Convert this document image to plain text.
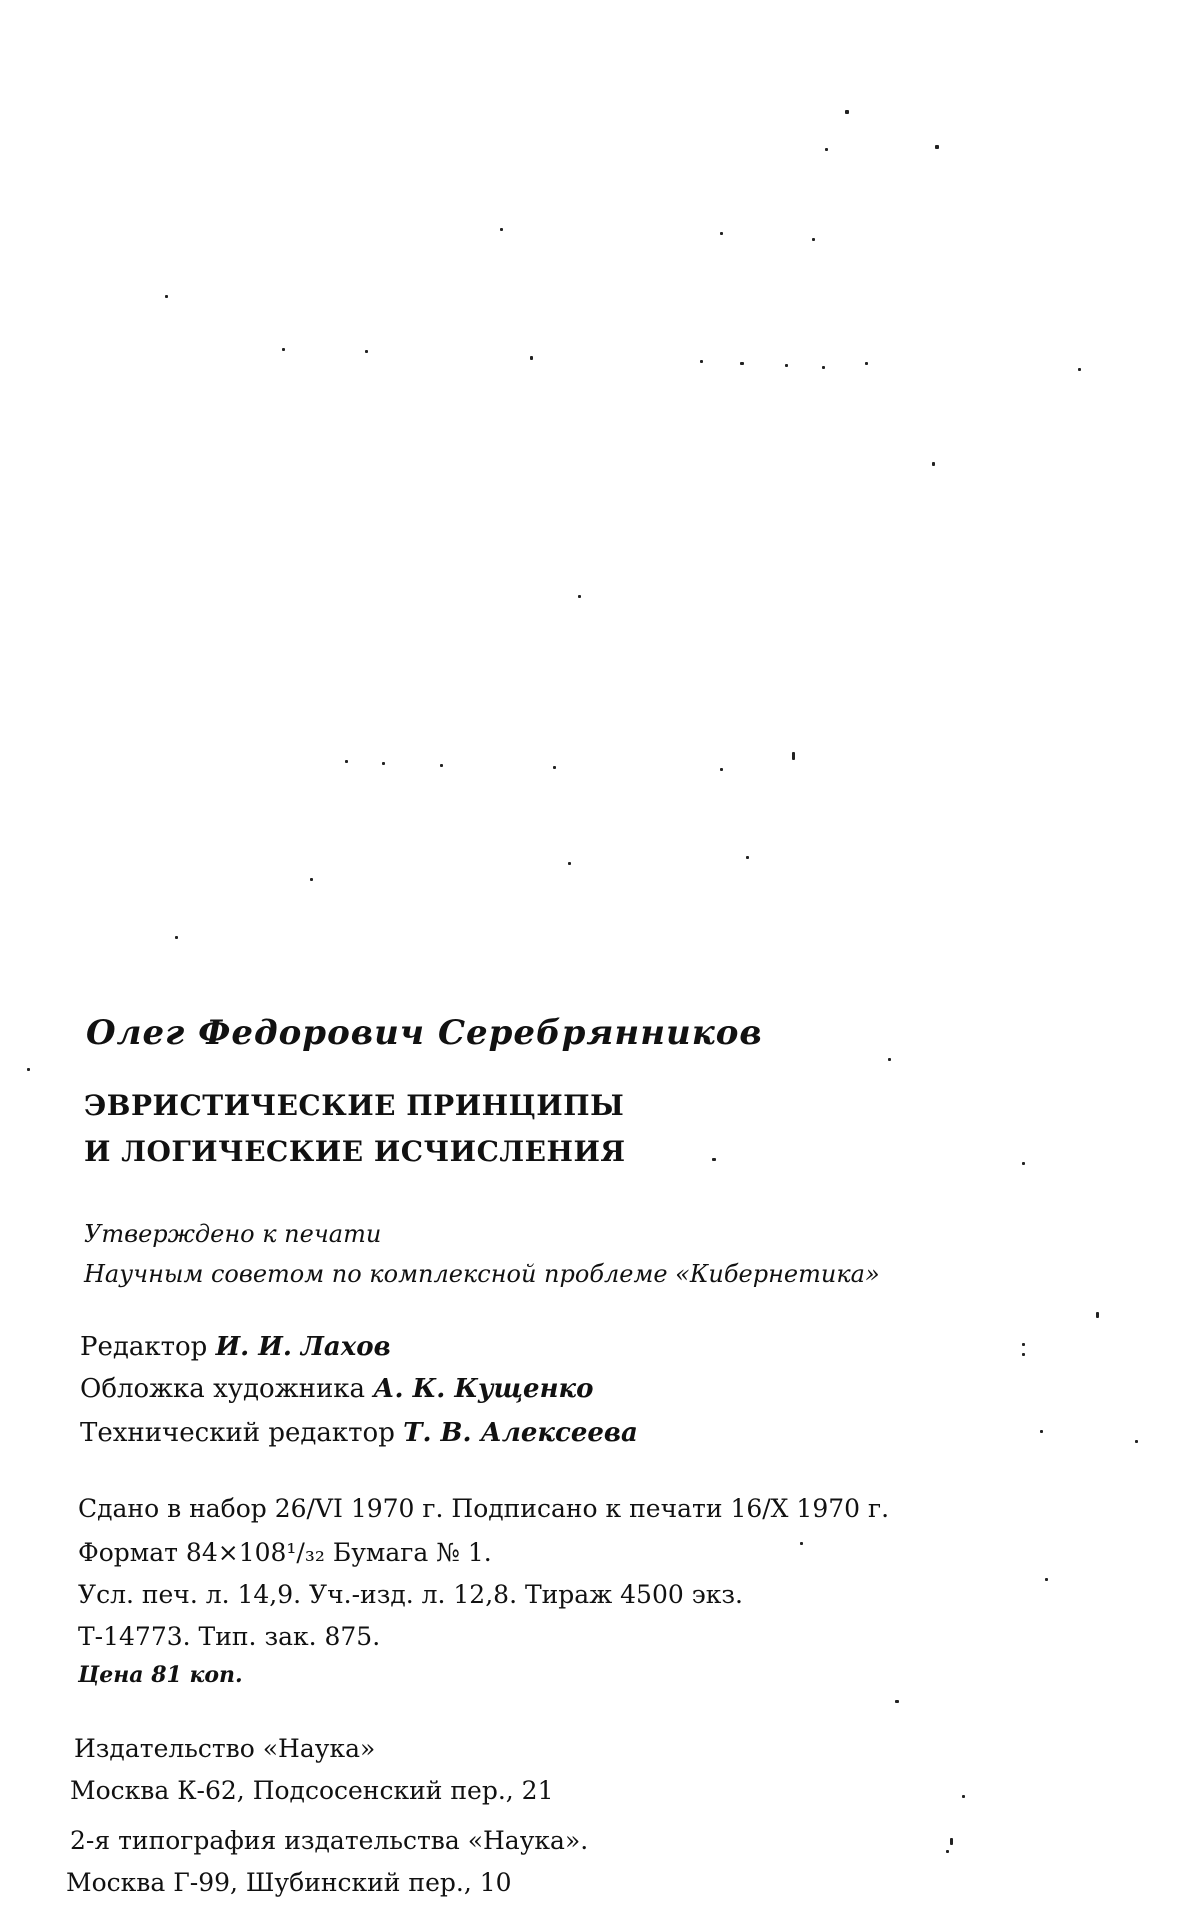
Олег Федорович Серебрянников
ЭВРИСТИЧЕСКИЕ ПРИНЦИПЫ
И ЛОГИЧЕСКИЕ ИСЧИСЛЕНИЯ
Утверждено к печати
Научным советом по комплексной проблеме «Кибернетика»
Редактор И. И. Лахов
Обложка художника А. К. Кущенко
Технический редактор Т. В. Алексеева
Сдано в набор 26/VI 1970 г. Подписано к печати 16/X 1970 г.
Формат 84×108¹/₃₂ Бумага № 1.
Усл. печ. л. 14,9. Уч.-изд. л. 12,8. Тираж 4500 экз.
Т-14773. Тип. зак. 875.
Цена 81 коп.
Издательство «Наука»
Москва К-62, Подсосенский пер., 21
2-я типография издательства «Наука».
Москва Г-99, Шубинский пер., 10
